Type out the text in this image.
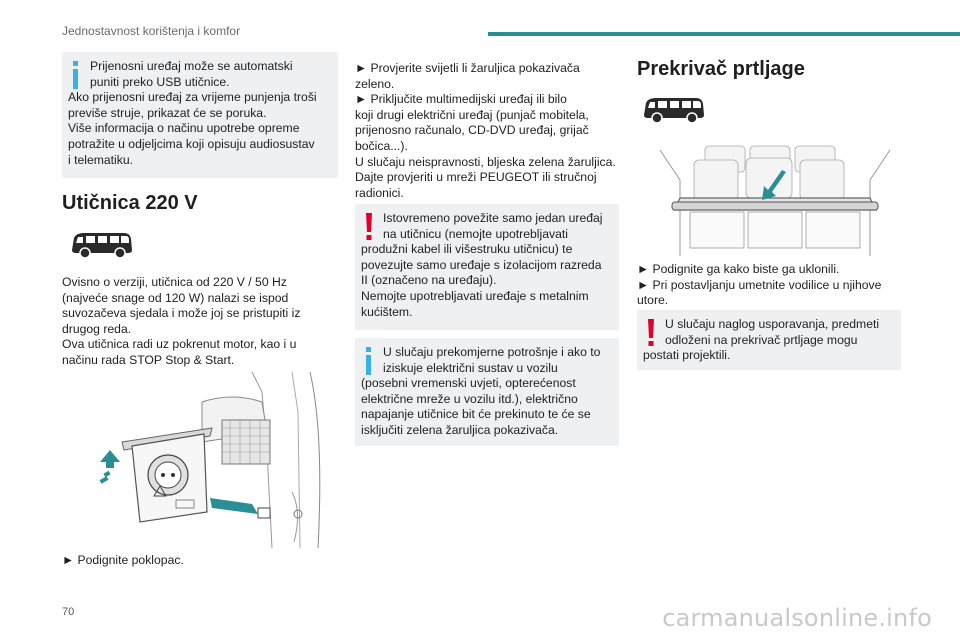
Jednostavnost korištenja i komfor

Prijenosni uređaj može se automatski

puniti preko USB utičnice.

Ako prijenosni uređaj za vrijeme punjenja troši

previše struje, prikazat će se poruka.

Više informacija o načinu upotrebe opreme

potražite u odjeljcima koji opisuju audiosustav

i telematiku.

Utičnica 220 V

Ovisno o verziji, utičnica od 220 V / 50 Hz

(najveće snage od 120 W) nalazi se ispod

suvozačeva sjedala i može joj se pristupiti iz

drugog reda.

Ova utičnica radi uz pokrenut motor, kao i u

načinu rada STOP Stop & Start.

► Podignite poklopac.

► Provjerite svijetli li žaruljica pokazivača

zeleno.

► Priključite multimedijski uređaj ili bilo

koji drugi električni uređaj (punjač mobitela,

prijenosno računalo, CD-DVD uređaj, grijač

bočica...).

U slučaju neispravnosti, bljeska zelena žaruljica.

Dajte provjeriti u mreži PEUGEOT ili stručnoj

radionici.

Istovremeno povežite samo jedan uređaj

na utičnicu (nemojte upotrebljavati

produžni kabel ili višestruku utičnicu) te

povezujte samo uređaje s izolacijom razreda

II (označeno na uređaju).

Nemojte upotrebljavati uređaje s metalnim

kućištem.

U slučaju prekomjerne potrošnje i ako to

iziskuje električni sustav u vozilu

(posebni vremenski uvjeti, opterećenost

električne mreže u vozilu itd.), električno

napajanje utičnice bit će prekinuto te će se

isključiti zelena žaruljica pokazivača.

Prekrivač prtljage

► Podignite ga kako biste ga uklonili.

► Pri postavljanju umetnite vodilice u njihove

utore.

U slučaju naglog usporavanja, predmeti

odloženi na prekrivač prtljage mogu

postati projektili.

70	carmanualsonline.info
